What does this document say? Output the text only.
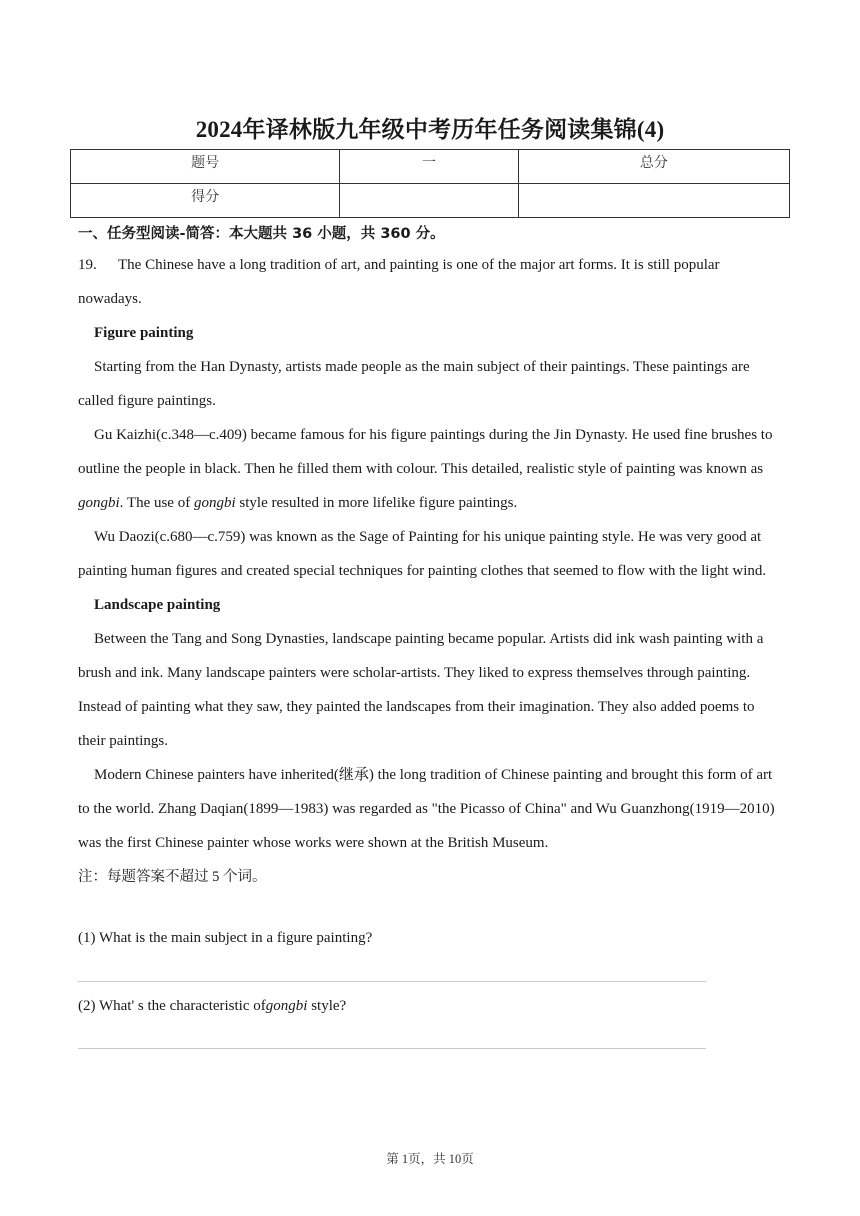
2024年译林版九年级中考历年任务阅读集锦(4)
题号	一	总分
得分		
一、任务型阅读-简答：本大题共 36 小题，共 360 分。

19. The Chinese have a long tradition of art, and painting is one of the major art forms. It is still popular nowadays.

Figure painting

Starting from the Han Dynasty, artists made people as the main subject of their paintings. These paintings are called figure paintings.

Gu Kaizhi(c.348—c.409) became famous for his figure paintings during the Jin Dynasty. He used fine brushes to outline the people in black. Then he filled them with colour. This detailed, realistic style of painting was known as gongbi. The use of gongbi style resulted in more lifelike figure paintings.

Wu Daozi(c.680—c.759) was known as the Sage of Painting for his unique painting style. He was very good at painting human figures and created special techniques for painting clothes that seemed to flow with the light wind.

Landscape painting

Between the Tang and Song Dynasties, landscape painting became popular. Artists did ink wash painting with a brush and ink. Many landscape painters were scholar-artists. They liked to express themselves through painting. Instead of painting what they saw, they painted the landscapes from their imagination. They also added poems to their paintings.

Modern Chinese painters have inherited(继承) the long tradition of Chinese painting and brought this form of art to the world. Zhang Daqian(1899—1983) was regarded as "the Picasso of China" and Wu Guanzhong(1919—2010) was the first Chinese painter whose works were shown at the British Museum.

注：每题答案不超过 5 个词。

(1) What is the main subject in a figure painting?
(2) What' s the characteristic ofgongbi style?
第 1页，共 10页
